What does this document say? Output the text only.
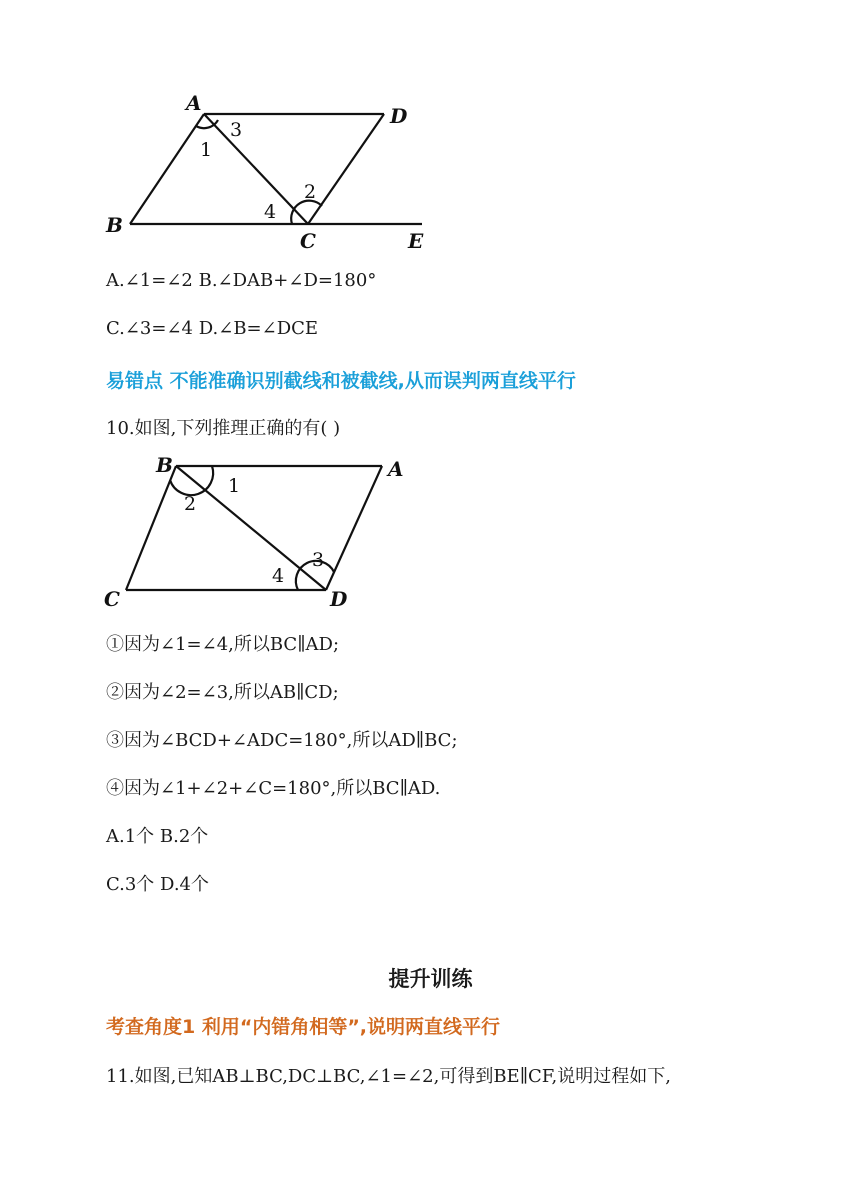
A
D
B
C	E
1
3
2
4
A.∠1=∠2 B.∠DAB+∠D=180°
C.∠3=∠4 D.∠B=∠DCE
易错点 不能准确识别截线和被截线,从而误判两直线平行
10.如图,下列推理正确的有( )
B	A
C	D
1
2
3
4
①因为∠1=∠4,所以BC∥AD;
②因为∠2=∠3,所以AB∥CD;
③因为∠BCD+∠ADC=180°,所以AD∥BC;
④因为∠1+∠2+∠C=180°,所以BC∥AD.
A.1个 B.2个
C.3个 D.4个
提升训练
考查角度1 利用“内错角相等”,说明两直线平行
11.如图,已知AB⊥BC,DC⊥BC,∠1=∠2,可得到BE∥CF,说明过程如下,
